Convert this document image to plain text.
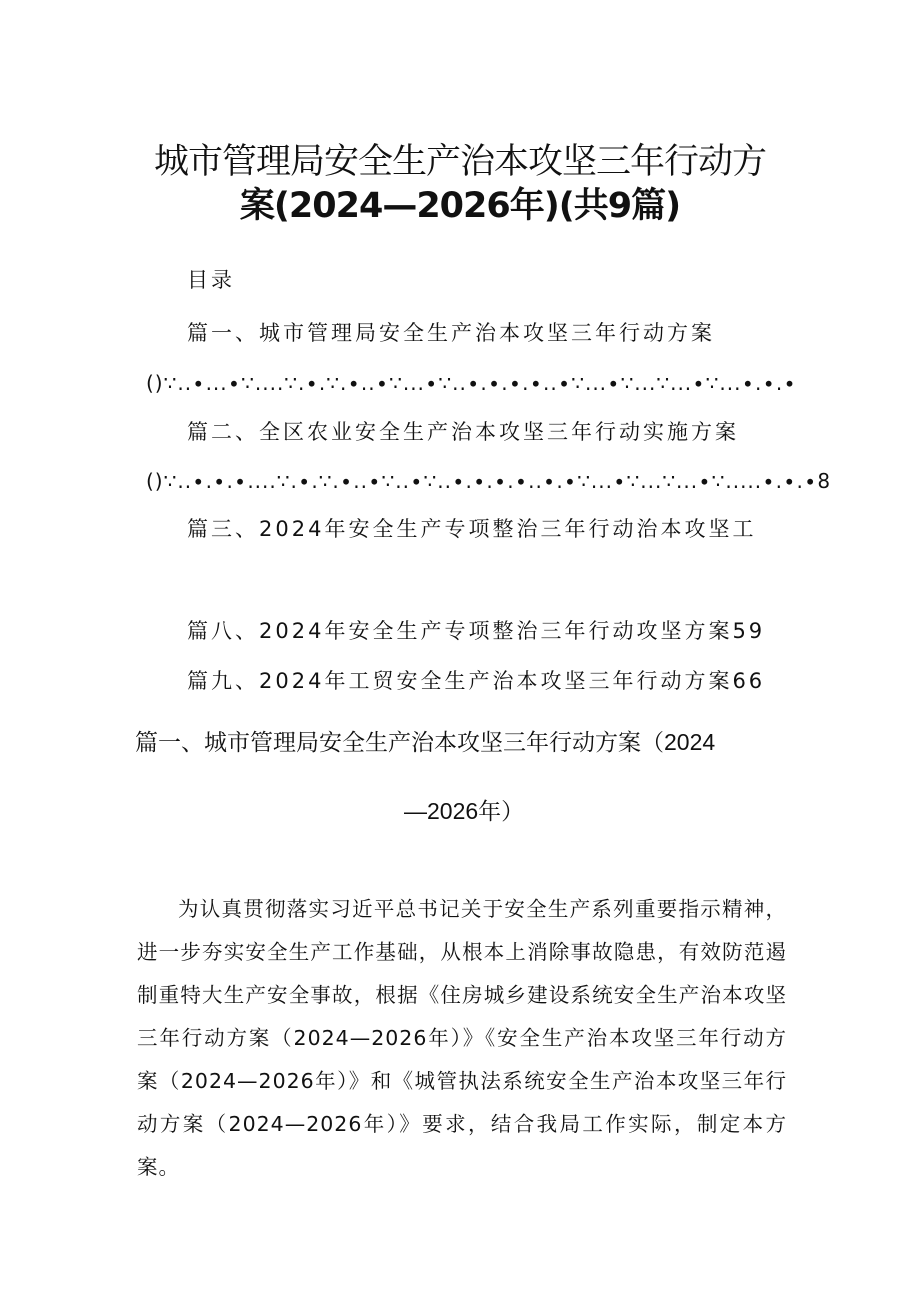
城市管理局安全生产治本攻坚三年行动方
案(2024—2026年)(共9篇)
目录
篇一、城市管理局安全生产治本攻坚三年行动方案
()∵..∙...∙∵....∵.∙.∵.∙..∙∵...∙∵..∙.∙.∙.∙..∙∵...∙∵...∵...∙∵...∙.∙.∙
篇二、全区农业安全生产治本攻坚三年行动实施方案
()∵..∙.∙.∙....∵.∙.∵.∙..∙∵..∙∵..∙.∙.∙.∙..∙.∙∵...∙∵...∵...∙∵.....∙.∙.∙8
篇三、2024年安全生产专项整治三年行动治本攻坚工
篇八、2024年安全生产专项整治三年行动攻坚方案59
篇九、2024年工贸安全生产治本攻坚三年行动方案66
篇一、城市管理局安全生产治本攻坚三年行动方案（2024
—2026年）

为认真贯彻落实习近平总书记关于安全生产系列重要指示精神，进一步夯实安全生产工作基础，从根本上消除事故隐患，有效防范遏制重特大生产安全事故，根据《住房城乡建设系统安全生产治本攻坚三年行动方案（2024—2026年）》《安全生产治本攻坚三年行动方案（2024—2026年）》和《城管执法系统安全生产治本攻坚三年行动方案（2024—2026年）》要求，结合我局工作实际，制定本方案。
